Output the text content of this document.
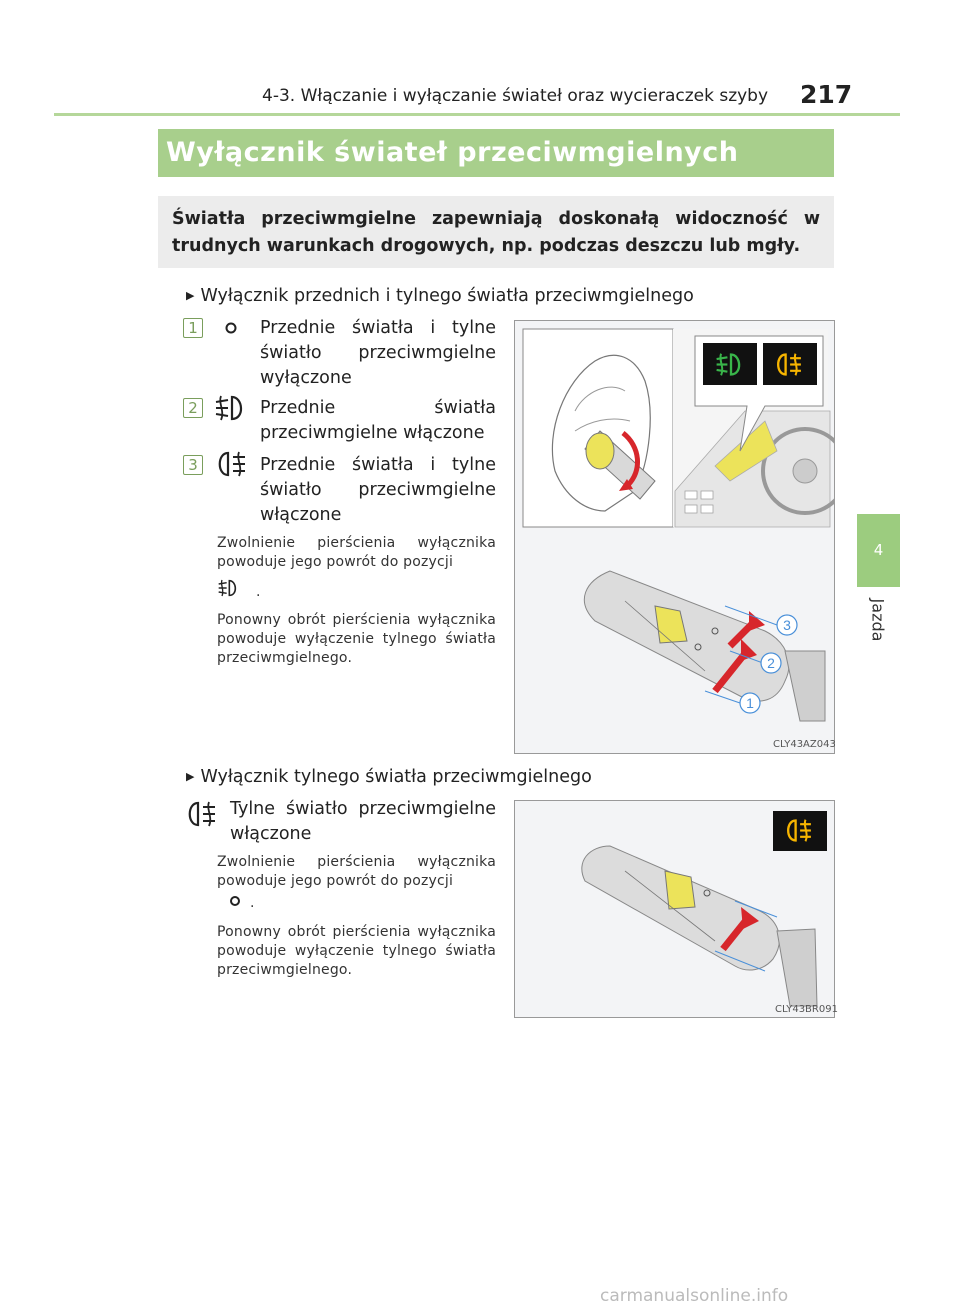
4-3. Włączanie i wyłączanie świateł oraz wycieraczek szyby 217
4
Jazda
Wyłącznik świateł przeciwmgielnych
Światła przeciwmgielne zapewniają doskonałą widoczność w trudnych warunkach drogowych, np. podczas deszczu lub mgły.
▶ Wyłącznik przednich i tylnego światła przeciwmgielnego
1	Przednie światła i tylne światło przeciwmgielne wyłączone
2	Przednie światła przeciwmgielne włączone
3	Przednie światła i tylne światło przeciwmgielne włączone
Zwolnienie pierścienia wyłącznika powoduje jego powrót do pozycji
.
Ponowny obrót pierścienia wyłącznika powoduje wyłączenie tylnego światła przeciwmgielnego.
1
2
3
CLY43AZ043
▶ Wyłącznik tylnego światła przeciwmgielnego
Tylne światło przeciwmgielne włączone
Zwolnienie pierścienia wyłącznika powoduje jego powrót do pozycji
.
Ponowny obrót pierścienia wyłącznika powoduje wyłączenie tylnego światła przeciwmgielnego.
CLY43BR091
carmanualsonline.info
